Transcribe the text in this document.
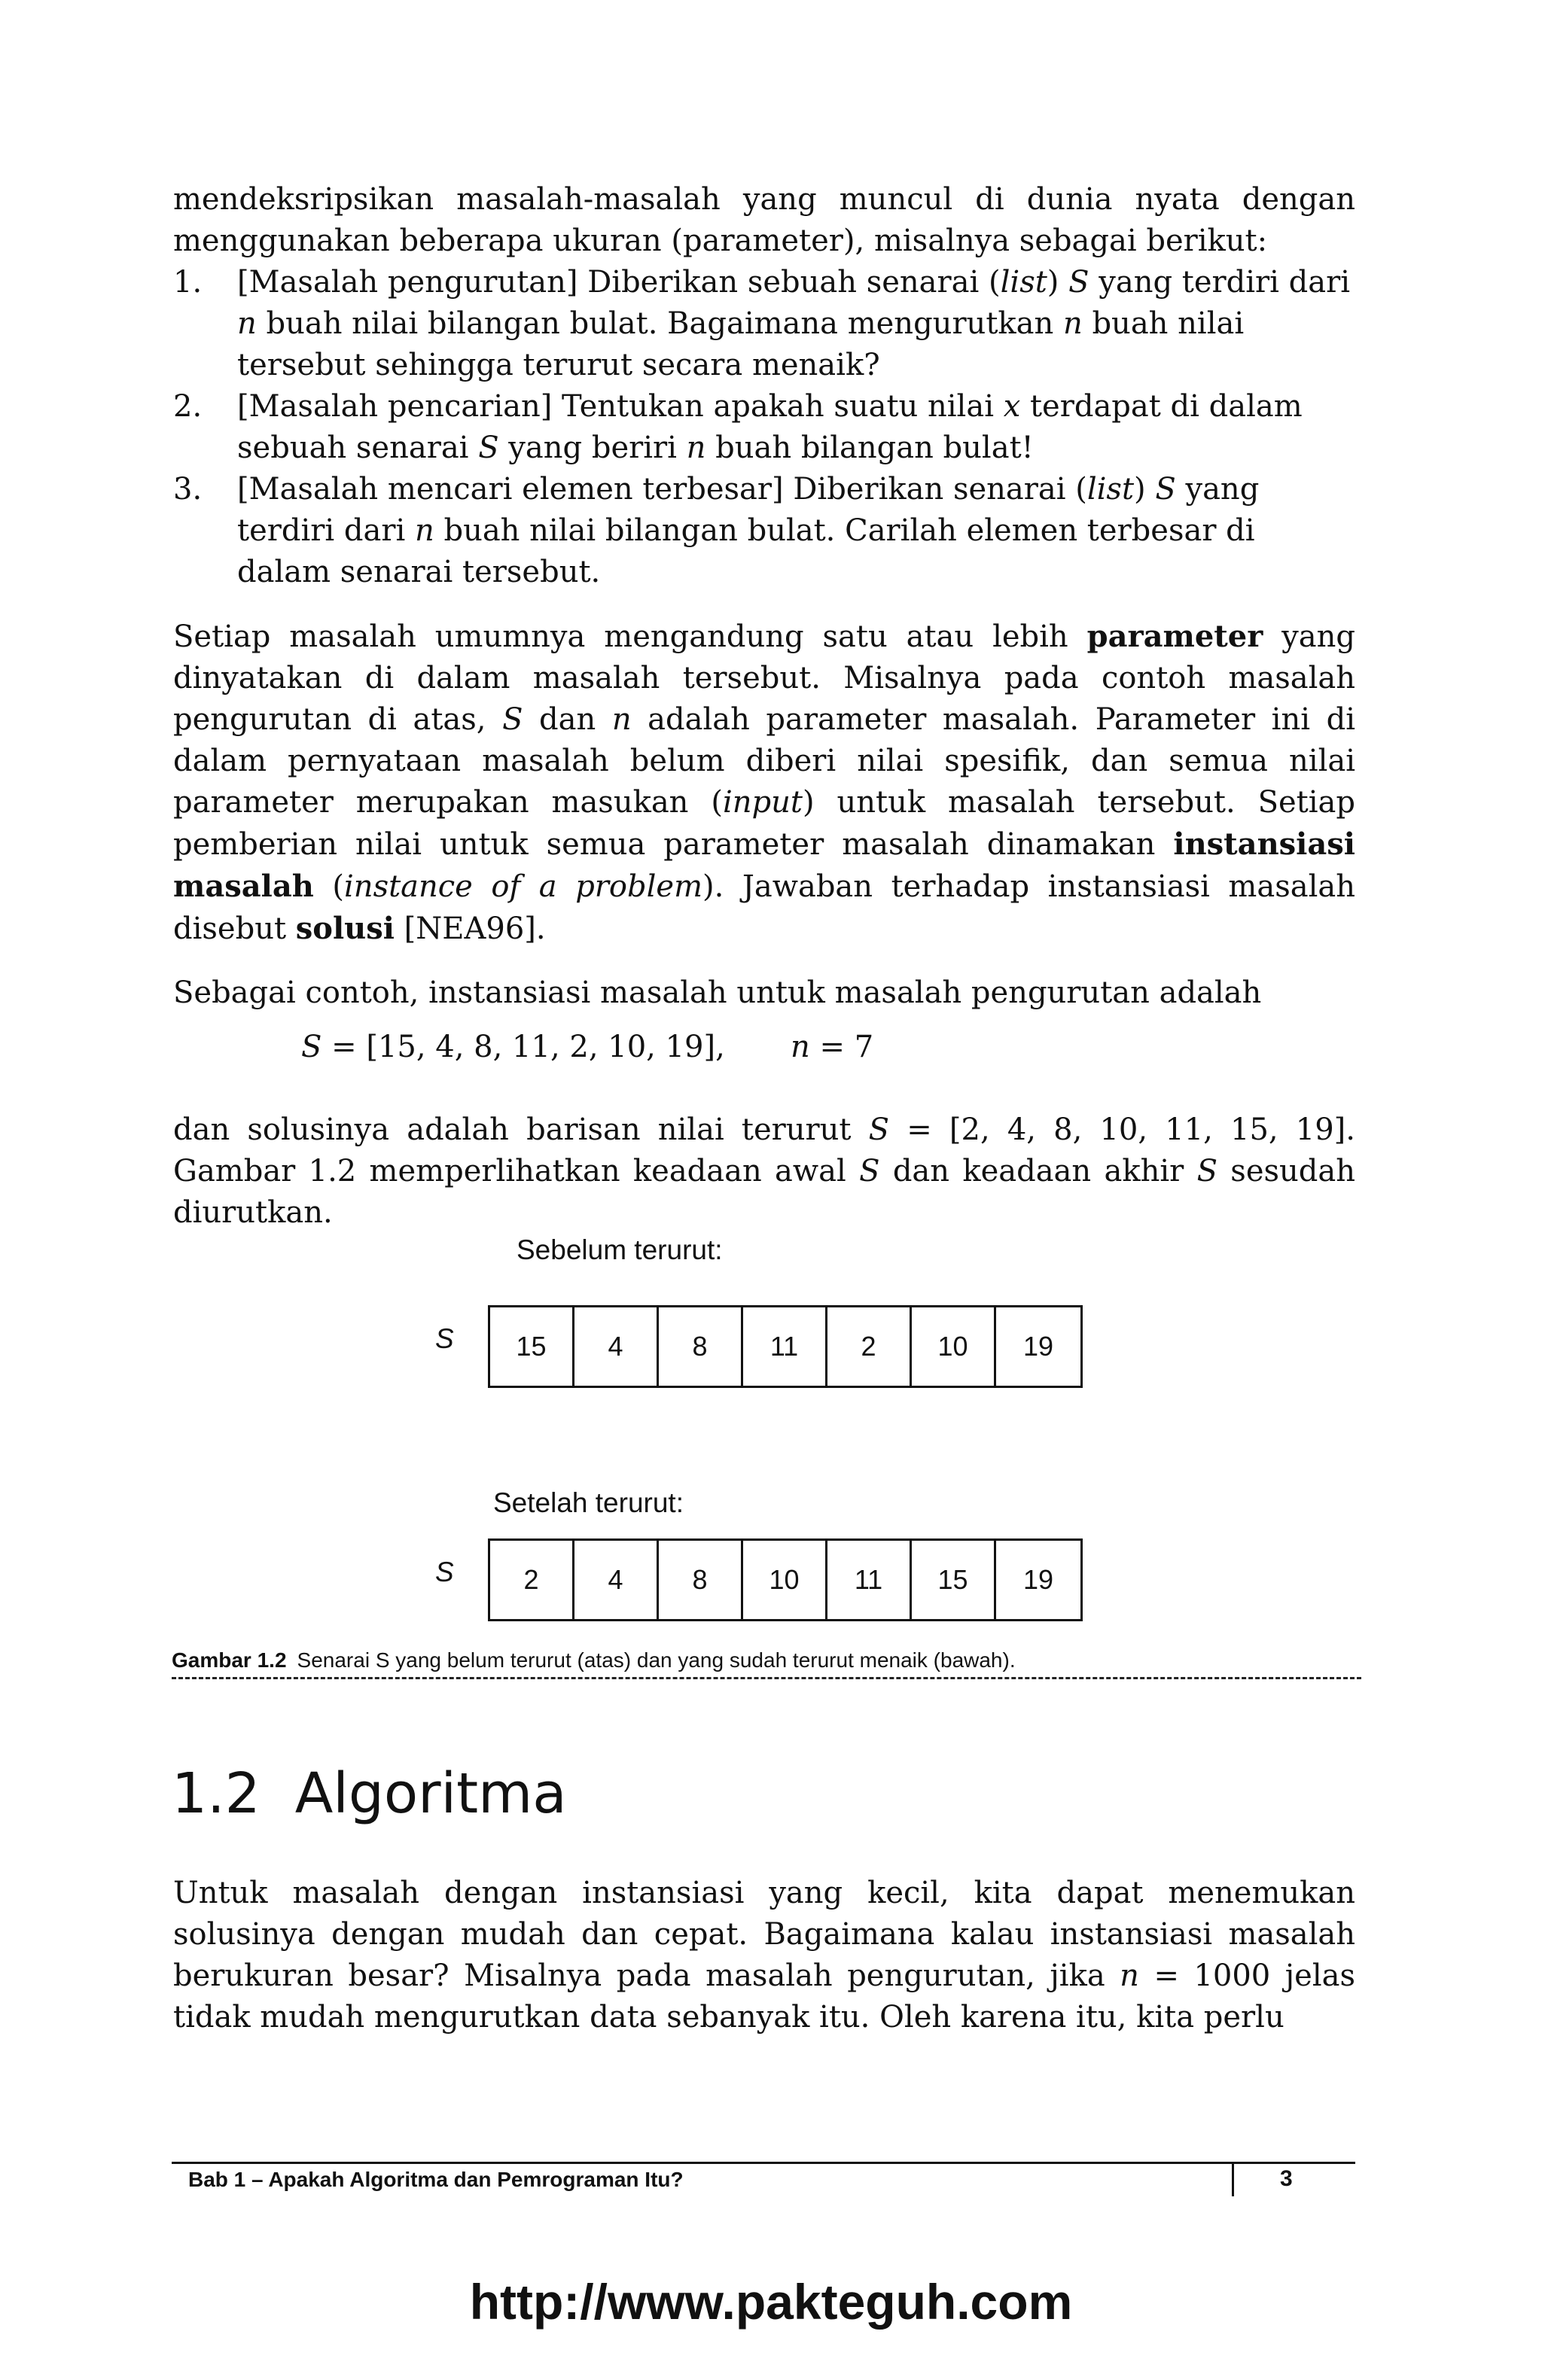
mendeksripsikan masalah-masalah yang muncul di dunia nyata dengan menggunakan beberapa ukuran (parameter), misalnya sebagai berikut:
1.	[Masalah pengurutan] Diberikan sebuah senarai (list) S yang terdiri dari n buah nilai bilangan bulat. Bagaimana mengurutkan n buah nilai tersebut sehingga terurut secara menaik?
2.	[Masalah pencarian] Tentukan apakah suatu nilai x terdapat di dalam sebuah senarai S yang beriri n buah bilangan bulat!
3.	[Masalah mencari elemen terbesar] Diberikan senarai (list) S yang terdiri dari n buah nilai bilangan bulat. Carilah elemen terbesar di dalam senarai tersebut.
Setiap masalah umumnya mengandung satu atau lebih parameter yang dinyatakan di dalam masalah tersebut. Misalnya pada contoh masalah pengurutan di atas, S dan n adalah parameter masalah. Parameter ini di dalam pernyataan masalah belum diberi nilai spesifik, dan semua nilai parameter merupakan masukan (input) untuk masalah tersebut. Setiap pemberian nilai untuk semua parameter masalah dinamakan instansiasi masalah (instance of a problem). Jawaban terhadap instansiasi masalah disebut solusi [NEA96].
Sebagai contoh, instansiasi masalah untuk masalah pengurutan adalah
S = [15, 4, 8, 11, 2, 10, 19], n = 7
dan solusinya adalah barisan nilai terurut S = [2, 4, 8, 10, 11, 15, 19]. Gambar 1.2 memperlihatkan keadaan awal S dan keadaan akhir S sesudah diurutkan.
Sebelum terurut:
S	15	4	8	11	2	10	19
Setelah terurut:
S	2	4	8	10	11	15	19
Gambar 1.2 Senarai S yang belum terurut (atas) dan yang sudah terurut menaik (bawah).
1.2 Algoritma
Untuk masalah dengan instansiasi yang kecil, kita dapat menemukan solusinya dengan mudah dan cepat. Bagaimana kalau instansiasi masalah berukuran besar? Misalnya pada masalah pengurutan, jika n = 1000 jelas tidak mudah mengurutkan data sebanyak itu. Oleh karena itu, kita perlu
Bab 1 – Apakah Algoritma dan Pemrograman Itu?	3
http://www.pakteguh.com
